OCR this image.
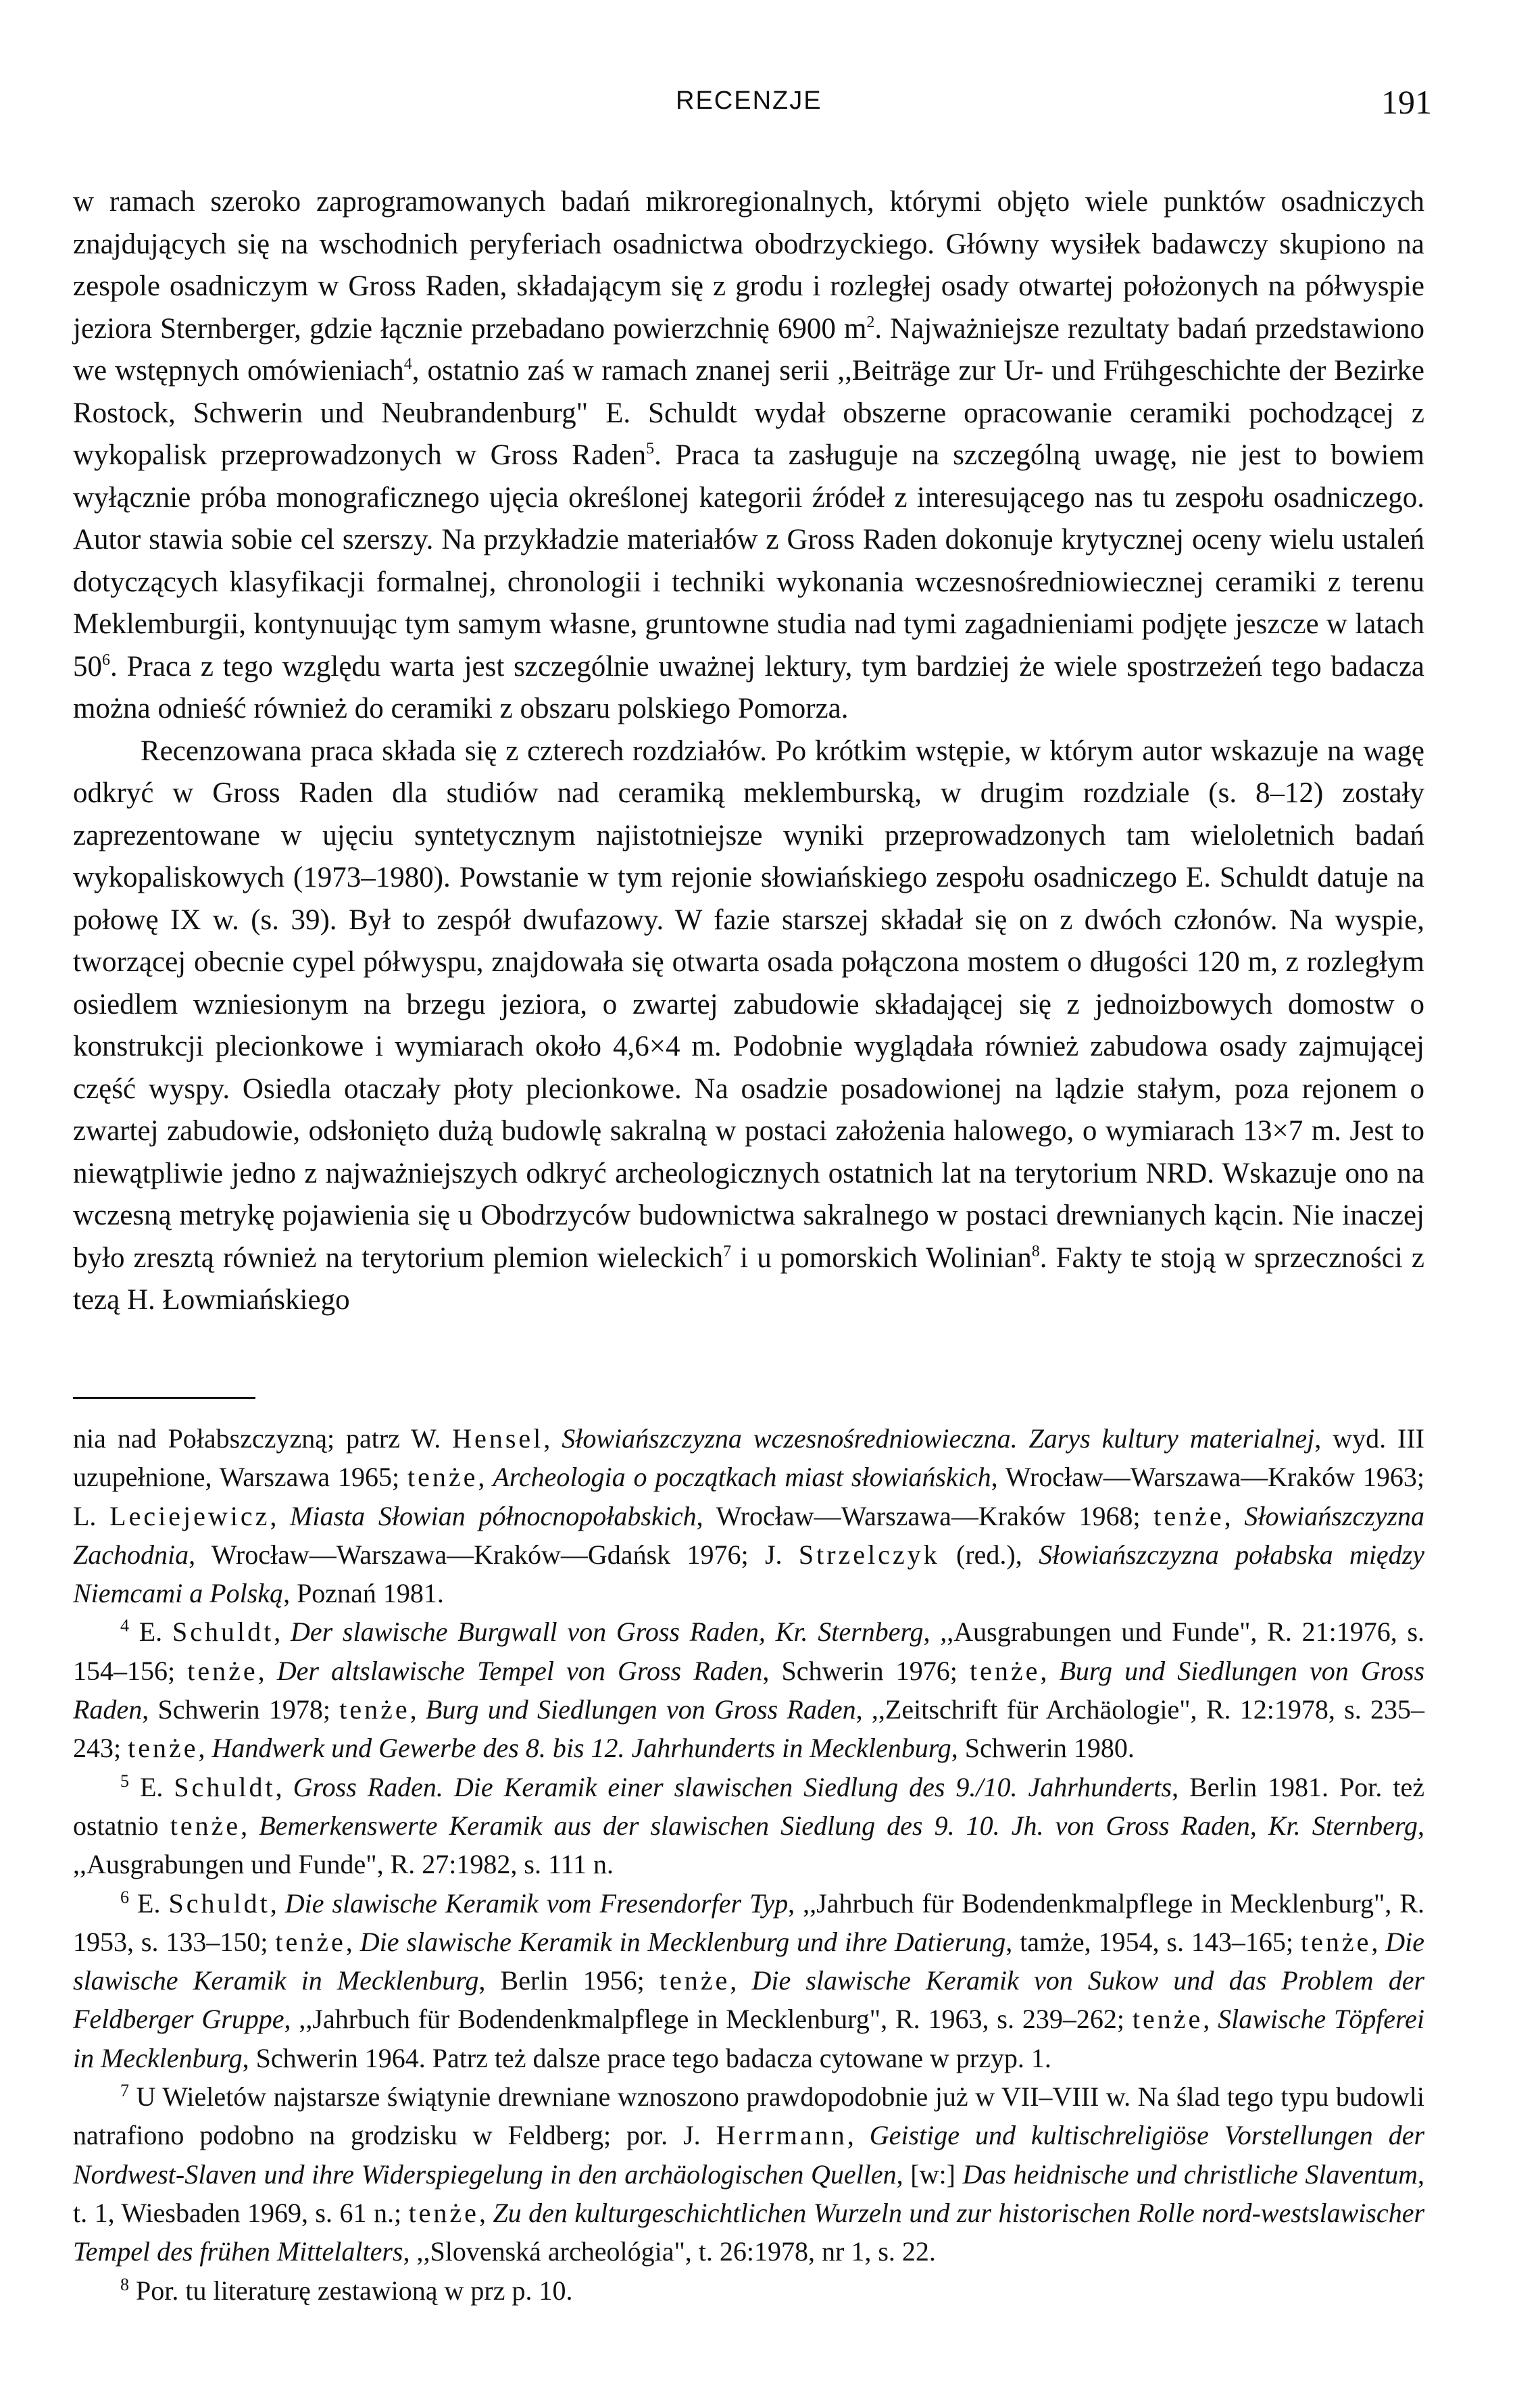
RECENZJE	191

w ramach szeroko zaprogramowanych badań mikroregionalnych, którymi objęto wiele punktów osadniczych znajdujących się na wschodnich peryferiach osadnictwa obodrzyckiego. Główny wysiłek badawczy skupiono na zespole osadniczym w Gross Raden, składającym się z grodu i rozległej osady otwartej położonych na półwyspie jeziora Sternberger, gdzie łącznie przebadano powierzchnię 6900 $m^2$. Najważniejsze rezultaty badań przedstawiono we wstępnych omówieniach$^4$, ostatnio zaś w ramach znanej serii ,,Beiträge zur Ur- und Frühgeschichte der Bezirke Rostock, Schwerin und Neubrandenburg" E. Schuldt wydał obszerne opracowanie ceramiki pochodzącej z wykopalisk przeprowadzonych w Gross Raden$^5$. Praca ta zasługuje na szczególną uwagę, nie jest to bowiem wyłącznie próba monograficznego ujęcia określonej kategorii źródeł z interesującego nas tu zespołu osadniczego. Autor stawia sobie cel szerszy. Na przykładzie materiałów z Gross Raden dokonuje krytycznej oceny wielu ustaleń dotyczących klasyfikacji formalnej, chronologii i techniki wykonania wczesnośredniowiecznej ceramiki z terenu Meklemburgii, kontynuując tym samym własne, gruntowne studia nad tymi zagadnieniami podjęte jeszcze w latach $50^6$. Praca z tego względu warta jest szczególnie uważnej lektury, tym bardziej że wiele spostrzeżeń tego badacza można odnieść również do ceramiki z obszaru polskiego Pomorza.

Recenzowana praca składa się z czterech rozdziałów. Po krótkim wstępie, w którym autor wskazuje na wagę odkryć w Gross Raden dla studiów nad ceramiką meklemburską, w drugim rozdziale (s. 8–12) zostały zaprezentowane w ujęciu syntetycznym najistotniejsze wyniki przeprowadzonych tam wieloletnich badań wykopaliskowych (1973–1980). Powstanie w tym rejonie słowiańskiego zespołu osadniczego E. Schuldt datuje na połowę IX w. (s. 39). Był to zespół dwufazowy. W fazie starszej składał się on z dwóch członów. Na wyspie, tworzącej obecnie cypel półwyspu, znajdowała się otwarta osada połączona mostem o długości 120 m, z rozległym osiedlem wzniesionym na brzegu jeziora, o zwartej zabudowie składającej się z jednoizbowych domostw o konstrukcji plecionkowe i wymiarach około 4,6×4 m. Podobnie wyglądała również zabudowa osady zajmującej część wyspy. Osiedla otaczały płoty plecionkowe. Na osadzie posadowionej na lądzie stałym, poza rejonem o zwartej zabudowie, odsłonięto dużą budowlę sakralną w postaci założenia halowego, o wymiarach 13×7 m. Jest to niewątpliwie jedno z najważniejszych odkryć archeologicznych ostatnich lat na terytorium NRD. Wskazuje ono na wczesną metrykę pojawienia się u Obodrzyców budownictwa sakralnego w postaci drewnianych kącin. Nie inaczej było zresztą również na terytorium plemion wieleckich$^7$ i u pomorskich Wolinian$^8$. Fakty te stoją w sprzeczności z tezą H. Łowmiańskiego

nia nad Połabszczyzną; patrz W. Hensel, Słowiańszczyzna wczesnośredniowieczna. Zarys kultury materialnej, wyd. III uzupełnione, Warszawa 1965; tenże, Archeologia o początkach miast słowiańskich, Wrocław—Warszawa—Kraków 1963; L. Leciejewicz, Miasta Słowian północnopołabskich, Wrocław—Warszawa—Kraków 1968; tenże, Słowiańszczyzna Zachodnia, Wrocław—Warszawa—Kraków—Gdańsk 1976; J. Strzelczyk (red.), Słowiańszczyzna połabska między Niemcami a Polską, Poznań 1981.

$^4$ E. Schuldt, Der slawische Burgwall von Gross Raden, Kr. Sternberg, ,,Ausgrabungen und Funde", R. 21:1976, s. 154–156; tenże, Der altslawische Tempel von Gross Raden, Schwerin 1976; tenże, Burg und Siedlungen von Gross Raden, Schwerin 1978; tenże, Burg und Siedlungen von Gross Raden, ,,Zeitschrift für Archäologie", R. 12:1978, s. 235–243; tenże, Handwerk und Gewerbe des 8. bis 12. Jahrhunderts in Mecklenburg, Schwerin 1980.

$^5$ E. Schuldt, Gross Raden. Die Keramik einer slawischen Siedlung des 9./10. Jahrhunderts, Berlin 1981. Por. też ostatnio tenże, Bemerkenswerte Keramik aus der slawischen Siedlung des 9. 10. Jh. von Gross Raden, Kr. Sternberg, ,,Ausgrabungen und Funde", R. 27:1982, s. 111 n.

$^6$ E. Schuldt, Die slawische Keramik vom Fresendorfer Typ, ,,Jahrbuch für Bodendenkmalpflege in Mecklenburg", R. 1953, s. 133–150; tenże, Die slawische Keramik in Mecklenburg und ihre Datierung, tamże, 1954, s. 143–165; tenże, Die slawische Keramik in Mecklenburg, Berlin 1956; tenże, Die slawische Keramik von Sukow und das Problem der Feldberger Gruppe, ,,Jahrbuch für Bodendenkmalpflege in Mecklenburg", R. 1963, s. 239–262; tenże, Slawische Töpferei in Mecklenburg, Schwerin 1964. Patrz też dalsze prace tego badacza cytowane w przyp. 1.

$^7$ U Wieletów najstarsze świątynie drewniane wznoszono prawdopodobnie już w VII–VIII w. Na ślad tego typu budowli natrafiono podobno na grodzisku w Feldberg; por. J. Herrmann, Geistige und kultischreligiöse Vorstellungen der Nordwest-Slaven und ihre Widerspiegelung in den archäologischen Quellen, [w:] Das heidnische und christliche Slaventum, t. 1, Wiesbaden 1969, s. 61 n.; tenże, Zu den kulturgeschichtlichen Wurzeln und zur historischen Rolle nord-westslawischer Tempel des frühen Mittelalters, ,,Slovenská archeológia", t. 26:1978, nr 1, s. 22.

$^8$ Por. tu literaturę zestawioną w prz p. 10.
